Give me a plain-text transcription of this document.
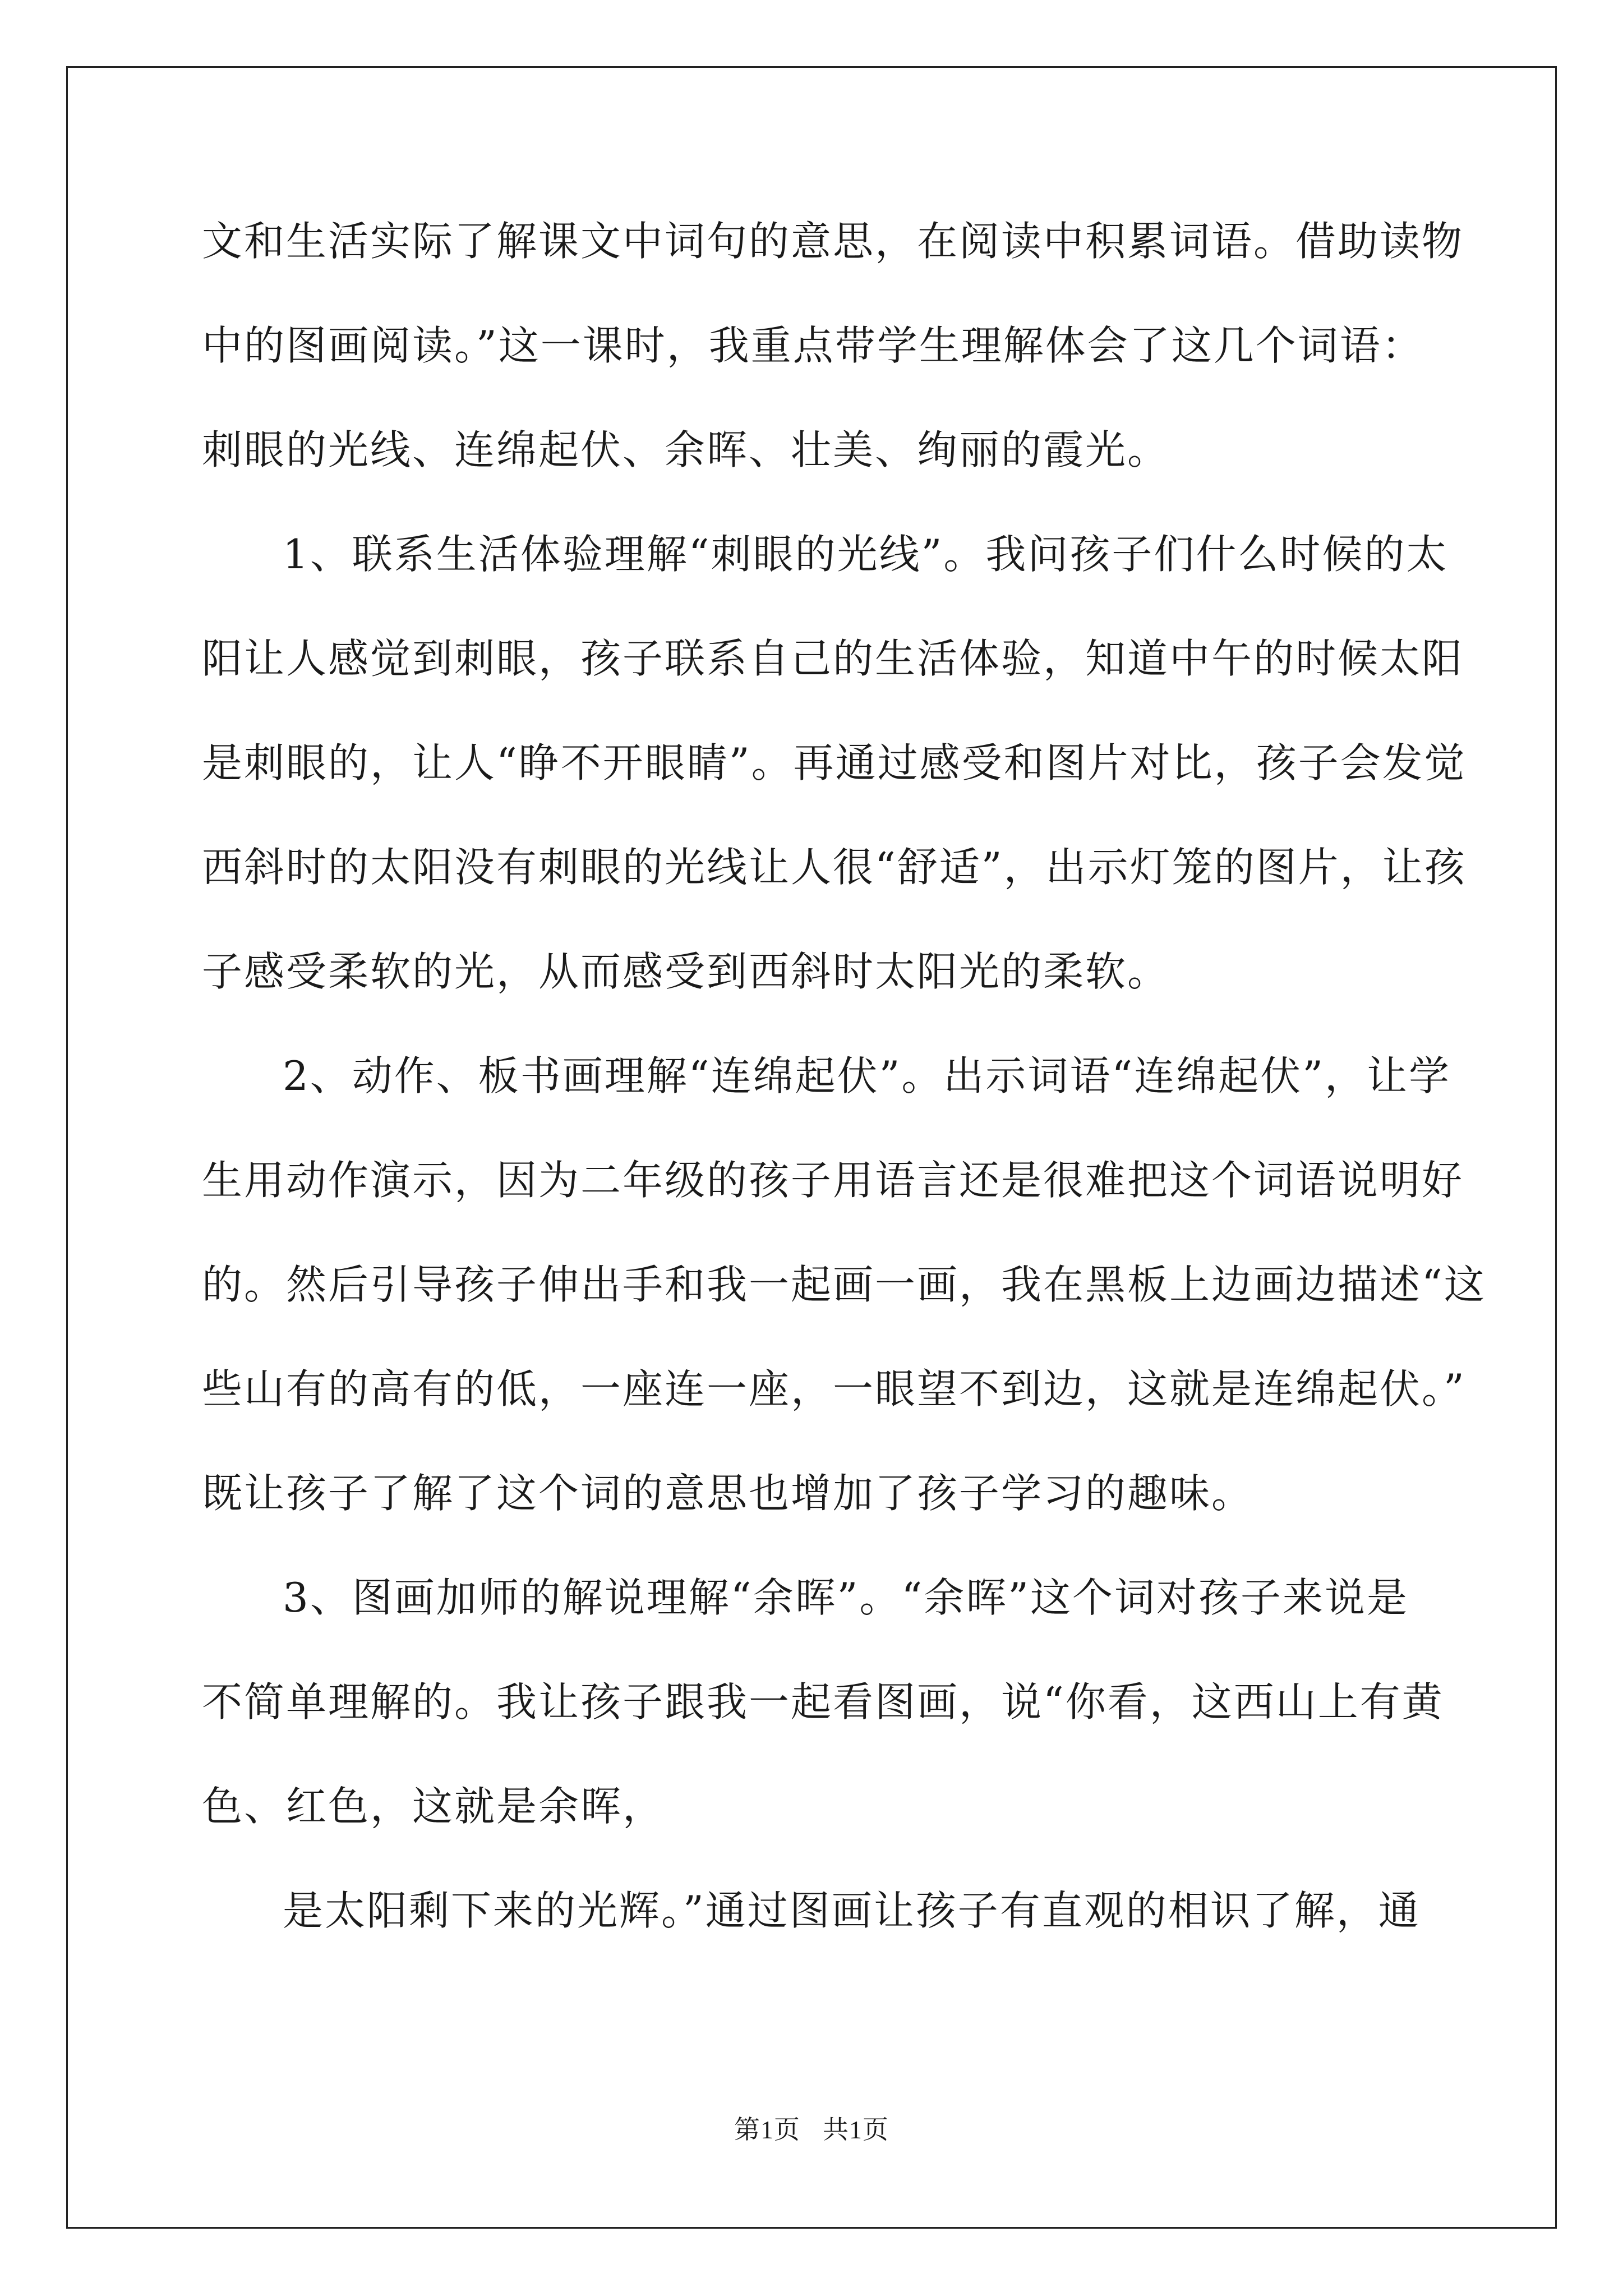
文和生活实际了解课文中词句的意思，在阅读中积累词语。借助读物
中的图画阅读。”这一课时，我重点带学生理解体会了这几个词语：
刺眼的光线、连绵起伏、余晖、壮美、绚丽的霞光。
1、联系生活体验理解“刺眼的光线”。我问孩子们什么时候的太
阳让人感觉到刺眼，孩子联系自己的生活体验，知道中午的时候太阳
是刺眼的，让人“睁不开眼睛”。再通过感受和图片对比，孩子会发觉
西斜时的太阳没有刺眼的光线让人很“舒适”，出示灯笼的图片，让孩
子感受柔软的光，从而感受到西斜时太阳光的柔软。
2、动作、板书画理解“连绵起伏”。出示词语“连绵起伏”，让学
生用动作演示，因为二年级的孩子用语言还是很难把这个词语说明好
的。然后引导孩子伸出手和我一起画一画，我在黑板上边画边描述“这
些山有的高有的低，一座连一座，一眼望不到边，这就是连绵起伏。”
既让孩子了解了这个词的意思也增加了孩子学习的趣味。
3、图画加师的解说理解“余晖”。“余晖”这个词对孩子来说是
不简单理解的。我让孩子跟我一起看图画，说“你看，这西山上有黄
色、红色，这就是余晖，
是太阳剩下来的光辉。”通过图画让孩子有直观的相识了解，通
第1页 共1页
